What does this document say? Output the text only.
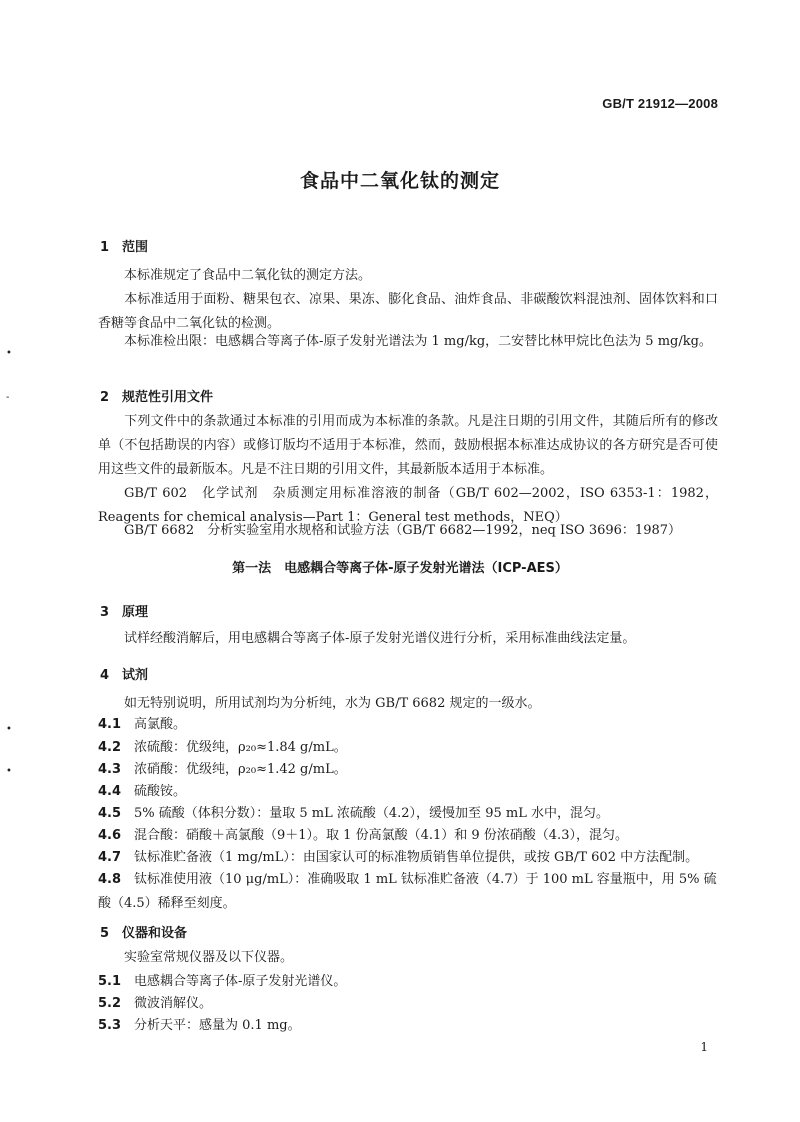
GB/T 21912—2008
食品中二氧化钛的测定
1 范围
本标准规定了食品中二氧化钛的测定方法。
本标准适用于面粉、糖果包衣、凉果、果冻、膨化食品、油炸食品、非碳酸饮料混浊剂、固体饮料和口香糖等食品中二氧化钛的检测。
本标准检出限：电感耦合等离子体-原子发射光谱法为 1 mg/kg，二安替比林甲烷比色法为 5 mg/kg。
2 规范性引用文件
下列文件中的条款通过本标准的引用而成为本标准的条款。凡是注日期的引用文件，其随后所有的修改单（不包括勘误的内容）或修订版均不适用于本标准，然而，鼓励根据本标准达成协议的各方研究是否可使用这些文件的最新版本。凡是不注日期的引用文件，其最新版本适用于本标准。
GB/T 602　化学试剂　杂质测定用标准溶液的制备（GB/T 602—2002，ISO 6353-1：1982，Reagents for chemical analysis—Part 1：General test methods，NEQ）
GB/T 6682　分析实验室用水规格和试验方法（GB/T 6682—1992，neq ISO 3696：1987）
第一法　电感耦合等离子体-原子发射光谱法（ICP-AES）
3 原理
试样经酸消解后，用电感耦合等离子体-原子发射光谱仪进行分析，采用标准曲线法定量。
4 试剂
如无特别说明，所用试剂均为分析纯，水为 GB/T 6682 规定的一级水。
4.1 高氯酸。
4.2 浓硫酸：优级纯，ρ₂₀≈1.84 g/mL。
4.3 浓硝酸：优级纯，ρ₂₀≈1.42 g/mL。
4.4 硫酸铵。
4.5 5% 硫酸（体积分数）：量取 5 mL 浓硫酸（4.2），缓慢加至 95 mL 水中，混匀。
4.6 混合酸：硝酸＋高氯酸（9＋1）。取 1 份高氯酸（4.1）和 9 份浓硝酸（4.3），混匀。
4.7 钛标准贮备液（1 mg/mL）：由国家认可的标准物质销售单位提供，或按 GB/T 602 中方法配制。
4.8 钛标准使用液（10 μg/mL）：准确吸取 1 mL 钛标准贮备液（4.7）于 100 mL 容量瓶中，用 5% 硫酸（4.5）稀释至刻度。
5 仪器和设备
实验室常规仪器及以下仪器。
5.1 电感耦合等离子体-原子发射光谱仪。
5.2 微波消解仪。
5.3 分析天平：感量为 0.1 mg。
1
•
-
•
•
